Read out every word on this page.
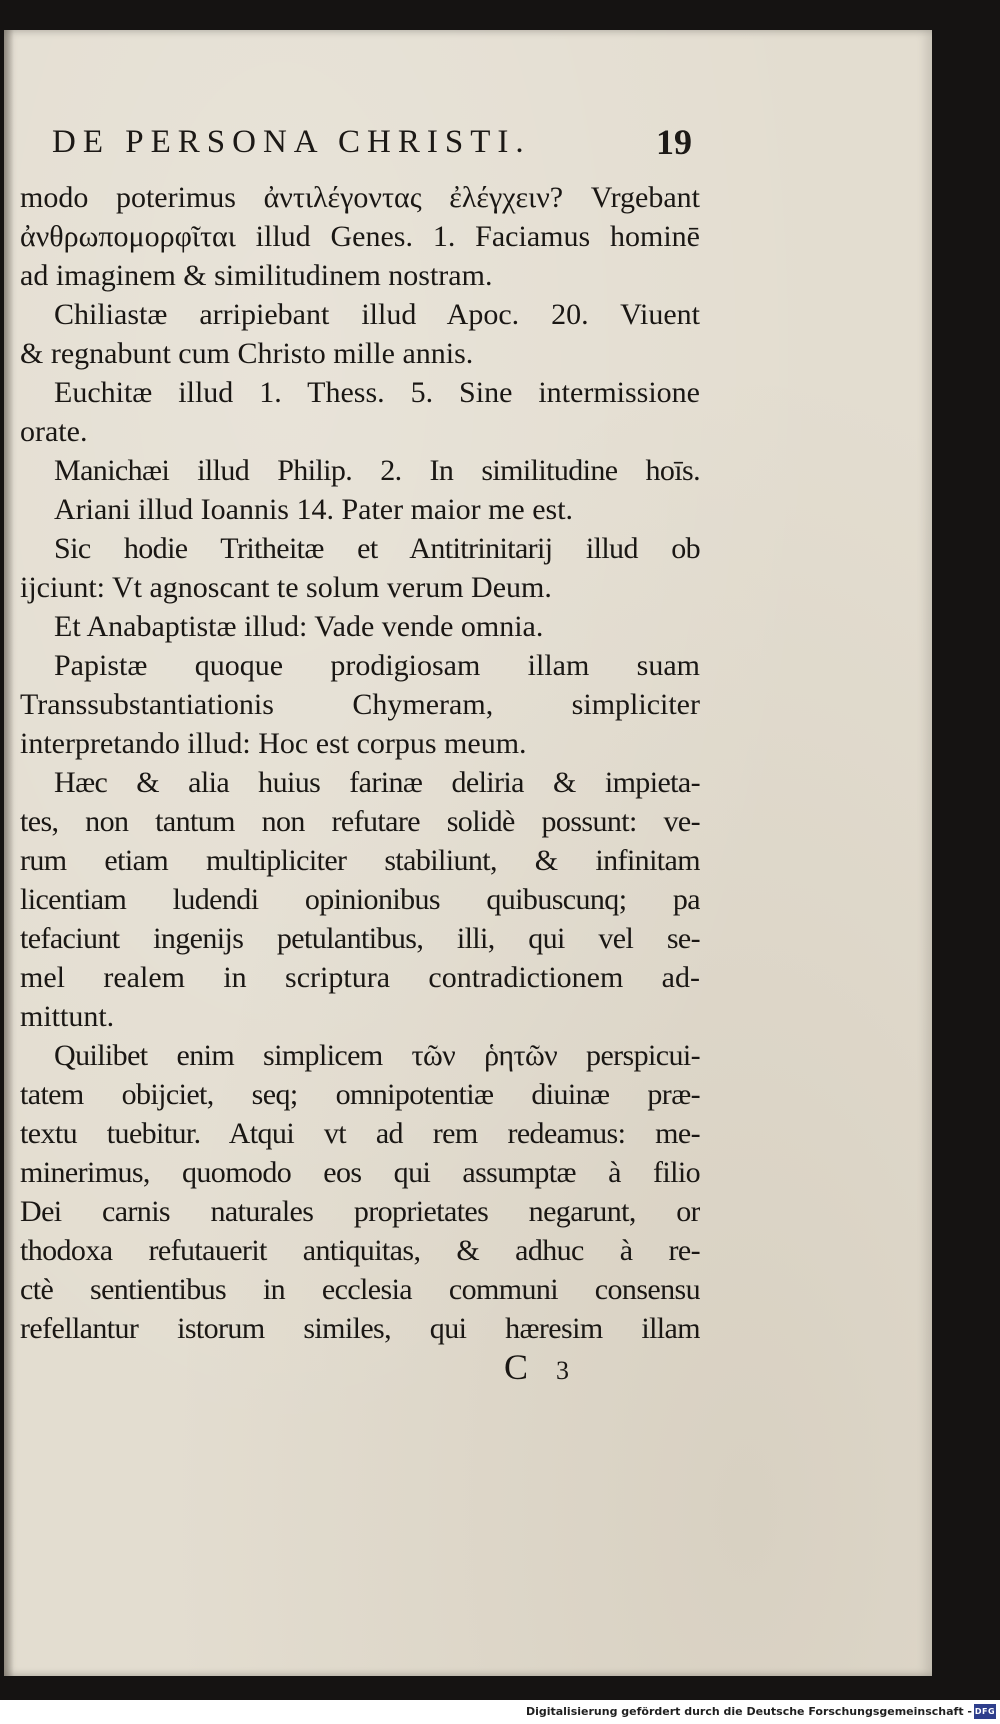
DE PERSONA CHRISTI.	19
modo poterimus ἀντιλέγοντας ἐλέγχειν? Vrgebant
ἀνθρωπομορφῖται illud Genes. 1. Faciamus hominē
ad imaginem & similitudinem nostram.
Chiliastæ arripiebant illud Apoc. 20. Viuent
& regnabunt cum Christo mille annis.
Euchitæ illud 1. Thess. 5. Sine intermissione
orate.
Manichæi illud Philip. 2. In similitudine hoīs.
Ariani illud Ioannis 14. Pater maior me est.
Sic hodie Tritheitæ et Antitrinitarij illud ob
ijciunt: Vt agnoscant te solum verum Deum.
Et Anabaptistæ illud: Vade vende omnia.
Papistæ quoque prodigiosam illam suam
Transsubstantiationis Chymeram, simpliciter
interpretando illud: Hoc est corpus meum.
Hæc & alia huius farinæ deliria & impieta-
tes, non tantum non refutare solidè possunt: ve-
rum etiam multipliciter stabiliunt, & infinitam
licentiam ludendi opinionibus quibuscunq; pa
tefaciunt ingenijs petulantibus, illi, qui vel se-
mel realem in scriptura contradictionem ad-
mittunt.
Quilibet enim simplicem τῶν ῥητῶν perspicui-
tatem obijciet, seq; omnipotentiæ diuinæ præ-
textu tuebitur. Atqui vt ad rem redeamus: me-
minerimus, quomodo eos qui assumptæ à filio
Dei carnis naturales proprietates negarunt, or
thodoxa refutauerit antiquitas, & adhuc à re-
ctè sentientibus in ecclesia communi consensu
refellantur istorum similes, qui hæresim illam
C 3
Digitalisierung gefördert durch die Deutsche Forschungsgemeinschaft - DFG
